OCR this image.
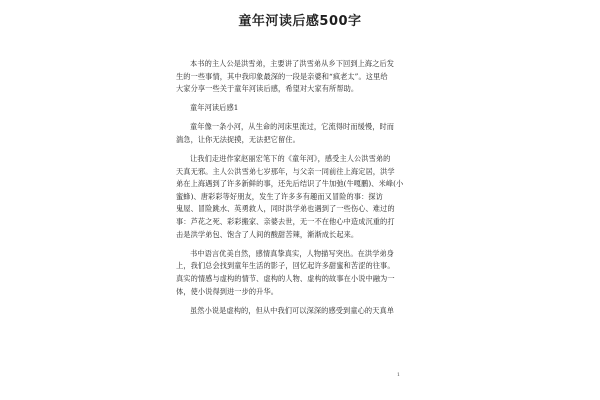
童年河读后感500字
本书的主人公是洪雪弟，主要讲了洪雪弟从乡下回到上海之后发
生的一些事情，其中我印象最深的一段是亲婆和“疯老太”。这里给
大家分享一些关于童年河读后感，希望对大家有所帮助。
童年河读后感1
童年像一条小河，从生命的河床里流过，它流得时而缓慢，时而
湍急，让你无法捉摸，无法把它留住。
让我们走进作家赵丽宏笔下的《童年河》，感受主人公洪雪弟的
天真无邪。主人公洪雪弟七岁那年，与父亲一同前往上海定居，洪学
弟在上海遇到了许多新鲜的事，还先后结识了牛加弛(牛嘎鹏)、米峰(小
蜜蜂)、唐彩彩等好朋友，发生了许多多有趣而又冒险的事：探访
鬼屋、冒险跳水、英勇救人，同时洪学弟也遇到了一些伤心、难过的
事：芦花之死、彩彩搬家、亲婆去世，无一不在他心中造成沉重的打
击是洪学弟包、饱含了人间的酸甜苦辣，渐渐成长起来。
书中语言优美自然，感情真挚真实，人物描写突出。在洪学弟身
上，我们总会找到童年生活的影子，回忆起许多甜蜜和苦涩的往事。
真实的情感与虚构的情节、虚构的人物、虚构的故事在小说中融为一
体，使小说得到进一步的升华。
虽然小说是虚构的，但从中我们可以深深的感受到童心的天真单
1
